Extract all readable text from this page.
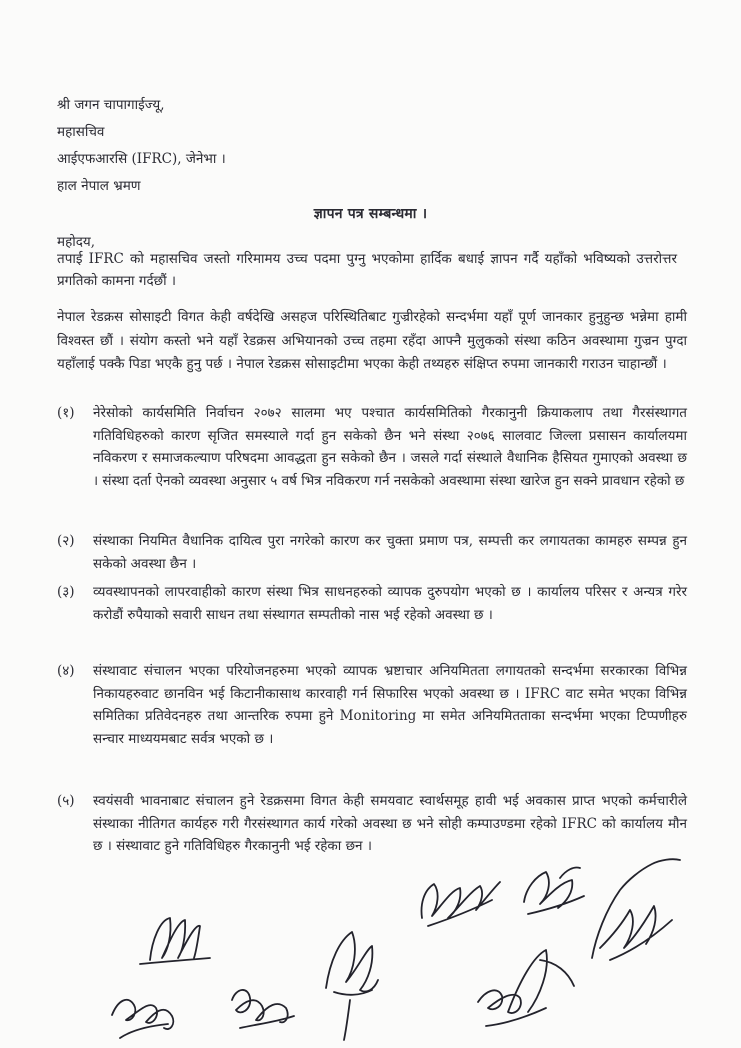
श्री जगन चापागाईज्यू,
महासचिव
आईएफआरसि (IFRC), जेनेभा ।
हाल नेपाल भ्रमण
ज्ञापन पत्र सम्बन्धमा ।
महोदय,
तपाई IFRC को महासचिव जस्तो गरिमामय उच्च पदमा पुग्नु भएकोमा हार्दिक बधाई ज्ञापन गर्दै यहाँको भविष्यको उत्तरोत्तर प्रगतिको कामना गर्दछौं ।
नेपाल रेडक्रस सोसाइटी विगत केही वर्षदेखि असहज परिस्थितिबाट गुज्रीरहेको सन्दर्भमा यहाँ पूर्ण जानकार हुनुहुन्छ भन्नेमा हामी विश्वस्त छौं । संयोग कस्तो भने यहाँ रेडक्रस अभियानको उच्च तहमा रहँदा आफ्नै मुलुकको संस्था कठिन अवस्थामा गुज्रन पुग्दा यहाँलाई पक्कै पिडा भएकै हुनु पर्छ । नेपाल रेडक्रस सोसाइटीमा भएका केही तथ्यहरु संक्षिप्त रुपमा जानकारी गराउन चाहान्छौं ।
(१)	नेरेसोको कार्यसमिति निर्वाचन २०७२ सालमा भए पश्चात कार्यसमितिको गैरकानुनी क्रियाकलाप तथा गैरसंस्थागत गतिविधिहरुको कारण सृजित समस्याले गर्दा हुन सकेको छैन भने संस्था २०७६ सालवाट जिल्ला प्रसासन कार्यालयमा नविकरण र समाजकल्याण परिषदमा आवद्धता हुन सकेको छैन । जसले गर्दा संस्थाले वैधानिक हैसियत गुमाएको अवस्था छ । संस्था दर्ता ऐनको व्यवस्था अनुसार ५ वर्ष भित्र नविकरण गर्न नसकेको अवस्थामा संस्था खारेज हुन सक्ने प्रावधान रहेको छ
(२)	संस्थाका नियमित वैधानिक दायित्व पुरा नगरेको कारण कर चुक्ता प्रमाण पत्र, सम्पत्ती कर लगायतका कामहरु सम्पन्न हुन सकेको अवस्था छैन ।
(३)	व्यवस्थापनको लापरवाहीको कारण संस्था भित्र साधनहरुको व्यापक दुरुपयोग भएको छ । कार्यालय परिसर र अन्यत्र गरेर करोडौं रुपैयाको सवारी साधन तथा संस्थागत सम्पतीको नास भई रहेको अवस्था छ ।
(४)	संस्थावाट संचालन भएका परियोजनहरुमा भएको व्यापक भ्रष्टाचार अनियमितता लगायतको सन्दर्भमा सरकारका विभिन्न निकायहरुवाट छानविन भई किटानीकासाथ कारवाही गर्न सिफारिस भएको अवस्था छ । IFRC वाट समेत भएका विभिन्न समितिका प्रतिवेदनहरु तथा आन्तरिक रुपमा हुने Monitoring मा समेत अनियमितताका सन्दर्भमा भएका टिप्पणीहरु सन्चार माध्ययमबाट सर्वत्र भएको छ ।
(५)	स्वयंसवी भावनाबाट संचालन हुने रेडक्रसमा विगत केही समयवाट स्वार्थसमूह हावी भई अवकास प्राप्त भएको कर्मचारीले संस्थाका नीतिगत कार्यहरु गरी गैरसंस्थागत कार्य गरेको अवस्था छ भने सोही कम्पाउण्डमा रहेको IFRC को कार्यालय मौन छ । संस्थावाट हुने गतिविधिहरु गैरकानुनी भई रहेका छन ।
